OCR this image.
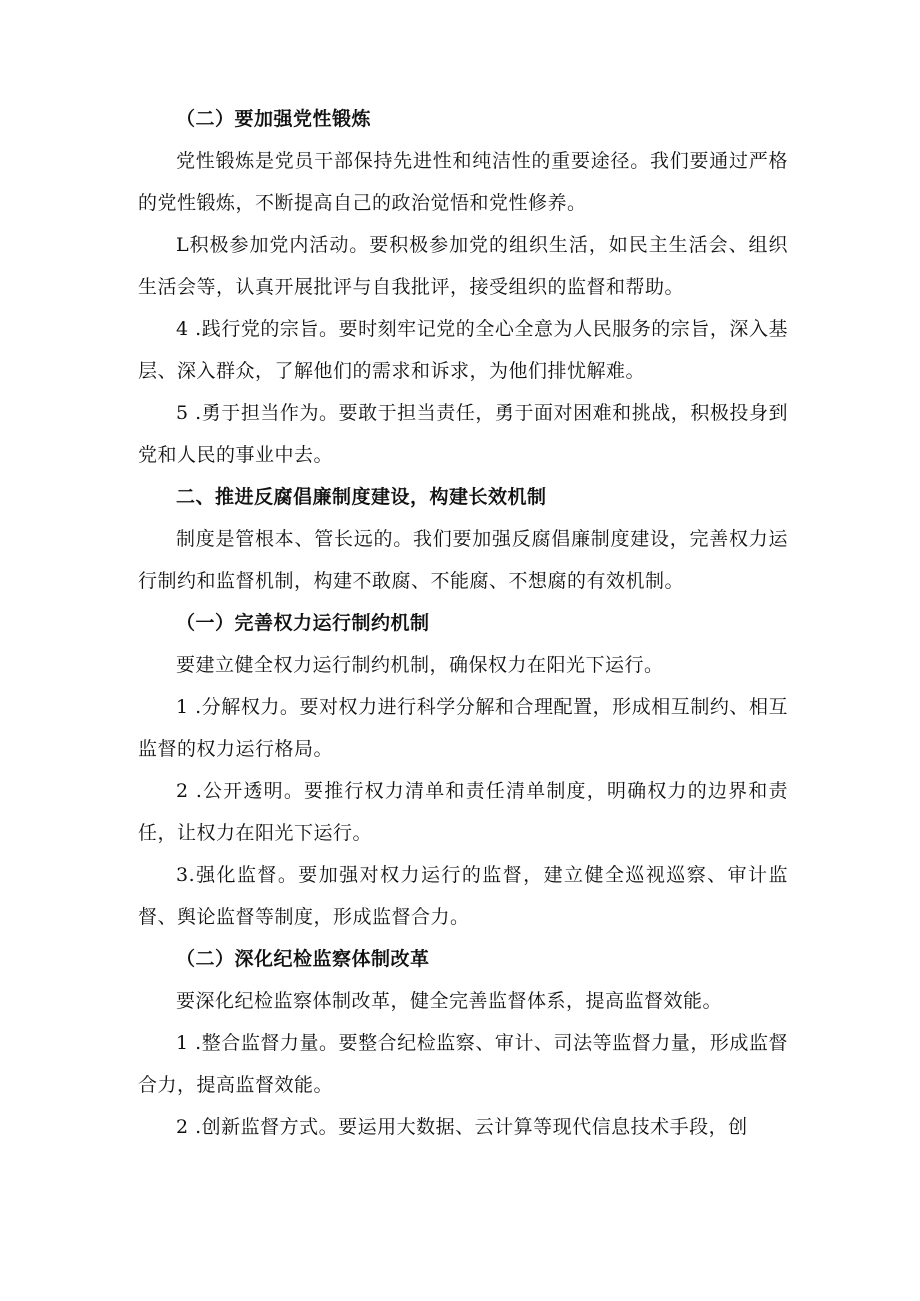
（二）要加强党性锻炼

党性锻炼是党员干部保持先进性和纯洁性的重要途径。我们要通过严格的党性锻炼，不断提高自己的政治觉悟和党性修养。

L积极参加党内活动。要积极参加党的组织生活，如民主生活会、组织生活会等，认真开展批评与自我批评，接受组织的监督和帮助。

4 .践行党的宗旨。要时刻牢记党的全心全意为人民服务的宗旨，深入基层、深入群众，了解他们的需求和诉求，为他们排忧解难。

5 .勇于担当作为。要敢于担当责任，勇于面对困难和挑战，积极投身到党和人民的事业中去。

二、推进反腐倡廉制度建设，构建长效机制

制度是管根本、管长远的。我们要加强反腐倡廉制度建设，完善权力运行制约和监督机制，构建不敢腐、不能腐、不想腐的有效机制。

（一）完善权力运行制约机制

要建立健全权力运行制约机制，确保权力在阳光下运行。

1 .分解权力。要对权力进行科学分解和合理配置，形成相互制约、相互监督的权力运行格局。

2 .公开透明。要推行权力清单和责任清单制度，明确权力的边界和责任，让权力在阳光下运行。

3.强化监督。要加强对权力运行的监督，建立健全巡视巡察、审计监督、舆论监督等制度，形成监督合力。

（二）深化纪检监察体制改革

要深化纪检监察体制改革，健全完善监督体系，提高监督效能。

1 .整合监督力量。要整合纪检监察、审计、司法等监督力量，形成监督合力，提高监督效能。

2 .创新监督方式。要运用大数据、云计算等现代信息技术手段，创
